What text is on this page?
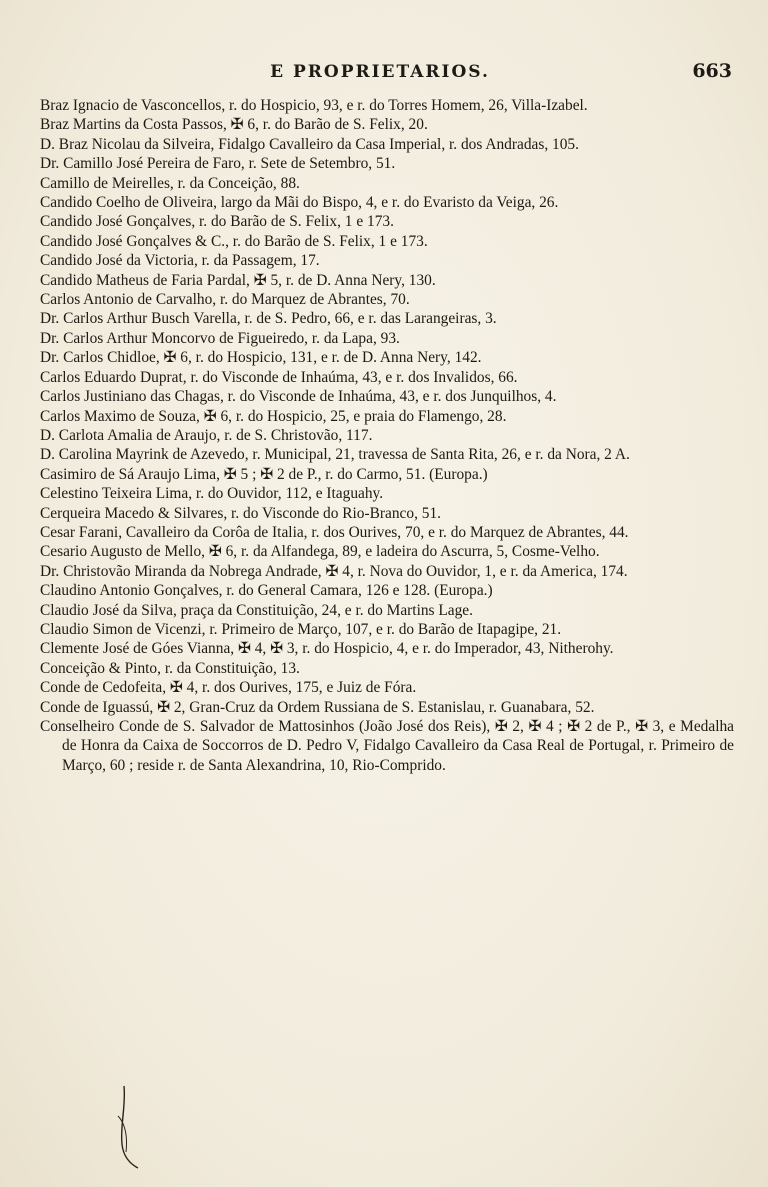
E PROPRIETARIOS.	663
Braz Ignacio de Vasconcellos, r. do Hospicio, 93, e r. do Torres Homem, 26, Villa-Izabel.
Braz Martins da Costa Passos, ✠ 6, r. do Barão de S. Felix, 20.
D. Braz Nicolau da Silveira, Fidalgo Cavalleiro da Casa Imperial, r. dos Andradas, 105.
Dr. Camillo José Pereira de Faro, r. Sete de Setembro, 51.
Camillo de Meirelles, r. da Conceição, 88.
Candido Coelho de Oliveira, largo da Mãi do Bispo, 4, e r. do Evaristo da Veiga, 26.
Candido José Gonçalves, r. do Barão de S. Felix, 1 e 173.
Candido José Gonçalves & C., r. do Barão de S. Felix, 1 e 173.
Candido José da Victoria, r. da Passagem, 17.
Candido Matheus de Faria Pardal, ✠ 5, r. de D. Anna Nery, 130.
Carlos Antonio de Carvalho, r. do Marquez de Abrantes, 70.
Dr. Carlos Arthur Busch Varella, r. de S. Pedro, 66, e r. das Larangeiras, 3.
Dr. Carlos Arthur Moncorvo de Figueiredo, r. da Lapa, 93.
Dr. Carlos Chidloe, ✠ 6, r. do Hospicio, 131, e r. de D. Anna Nery, 142.
Carlos Eduardo Duprat, r. do Visconde de Inhaúma, 43, e r. dos Invalidos, 66.
Carlos Justiniano das Chagas, r. do Visconde de Inhaúma, 43, e r. dos Junquilhos, 4.
Carlos Maximo de Souza, ✠ 6, r. do Hospicio, 25, e praia do Flamengo, 28.
D. Carlota Amalia de Araujo, r. de S. Christovão, 117.
D. Carolina Mayrink de Azevedo, r. Municipal, 21, travessa de Santa Rita, 26, e r. da Nora, 2 A.
Casimiro de Sá Araujo Lima, ✠ 5 ; ✠ 2 de P., r. do Carmo, 51. (Europa.)
Celestino Teixeira Lima, r. do Ouvidor, 112, e Itaguahy.
Cerqueira Macedo & Silvares, r. do Visconde do Rio-Branco, 51.
Cesar Farani, Cavalleiro da Corôa de Italia, r. dos Ourives, 70, e r. do Marquez de Abrantes, 44.
Cesario Augusto de Mello, ✠ 6, r. da Alfandega, 89, e ladeira do Ascurra, 5, Cosme-Velho.
Dr. Christovão Miranda da Nobrega Andrade, ✠ 4, r. Nova do Ouvidor, 1, e r. da America, 174.
Claudino Antonio Gonçalves, r. do General Camara, 126 e 128. (Europa.)
Claudio José da Silva, praça da Constituição, 24, e r. do Martins Lage.
Claudio Simon de Vicenzi, r. Primeiro de Março, 107, e r. do Barão de Itapagipe, 21.
Clemente José de Góes Vianna, ✠ 4, ✠ 3, r. do Hospicio, 4, e r. do Imperador, 43, Nitherohy.
Conceição & Pinto, r. da Constituição, 13.
Conde de Cedofeita, ✠ 4, r. dos Ourives, 175, e Juiz de Fóra.
Conde de Iguassú, ✠ 2, Gran-Cruz da Ordem Russiana de S. Estanislau, r. Guanabara, 52.
Conselheiro Conde de S. Salvador de Mattosinhos (João José dos Reis), ✠ 2, ✠ 4 ; ✠ 2 de P., ✠ 3, e Medalha de Honra da Caixa de Soccorros de D. Pedro V, Fidalgo Cavalleiro da Casa Real de Portugal, r. Primeiro de Março, 60 ; reside r. de Santa Alexandrina, 10, Rio-Comprido.
